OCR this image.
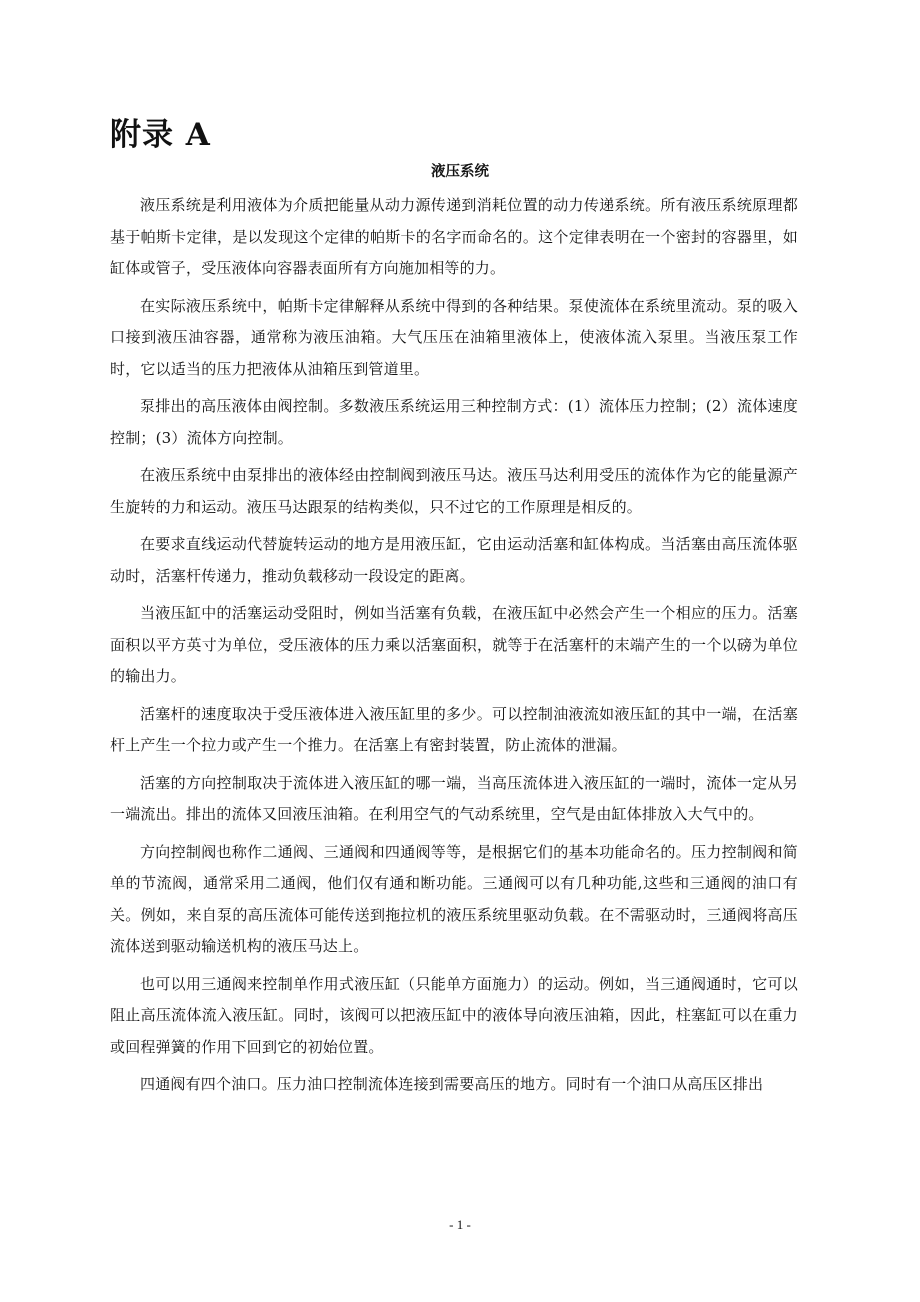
附录 A
液压系统

液压系统是利用液体为介质把能量从动力源传递到消耗位置的动力传递系统。所有液压系统原理都基于帕斯卡定律，是以发现这个定律的帕斯卡的名字而命名的。这个定律表明在一个密封的容器里，如缸体或管子，受压液体向容器表面所有方向施加相等的力。

在实际液压系统中，帕斯卡定律解释从系统中得到的各种结果。泵使流体在系统里流动。泵的吸入口接到液压油容器，通常称为液压油箱。大气压压在油箱里液体上，使液体流入泵里。当液压泵工作时，它以适当的压力把液体从油箱压到管道里。

泵排出的高压液体由阀控制。多数液压系统运用三种控制方式：(1）流体压力控制；(2）流体速度控制；(3）流体方向控制。

在液压系统中由泵排出的液体经由控制阀到液压马达。液压马达利用受压的流体作为它的能量源产生旋转的力和运动。液压马达跟泵的结构类似，只不过它的工作原理是相反的。

在要求直线运动代替旋转运动的地方是用液压缸，它由运动活塞和缸体构成。当活塞由高压流体驱动时，活塞杆传递力，推动负载移动一段设定的距离。

当液压缸中的活塞运动受阻时，例如当活塞有负载，在液压缸中必然会产生一个相应的压力。活塞面积以平方英寸为单位，受压液体的压力乘以活塞面积，就等于在活塞杆的末端产生的一个以磅为单位的输出力。

活塞杆的速度取决于受压液体进入液压缸里的多少。可以控制油液流如液压缸的其中一端，在活塞杆上产生一个拉力或产生一个推力。在活塞上有密封装置，防止流体的泄漏。

活塞的方向控制取决于流体进入液压缸的哪一端，当高压流体进入液压缸的一端时，流体一定从另一端流出。排出的流体又回液压油箱。在利用空气的气动系统里，空气是由缸体排放入大气中的。

方向控制阀也称作二通阀、三通阀和四通阀等等，是根据它们的基本功能命名的。压力控制阀和简单的节流阀，通常采用二通阀，他们仅有通和断功能。三通阀可以有几种功能,这些和三通阀的油口有关。例如，来自泵的高压流体可能传送到拖拉机的液压系统里驱动负载。在不需驱动时，三通阀将高压流体送到驱动输送机构的液压马达上。

也可以用三通阀来控制单作用式液压缸（只能单方面施力）的运动。例如，当三通阀通时，它可以阻止高压流体流入液压缸。同时，该阀可以把液压缸中的液体导向液压油箱，因此，柱塞缸可以在重力或回程弹簧的作用下回到它的初始位置。

四通阀有四个油口。压力油口控制流体连接到需要高压的地方。同时有一个油口从高压区排出

- 1 -
